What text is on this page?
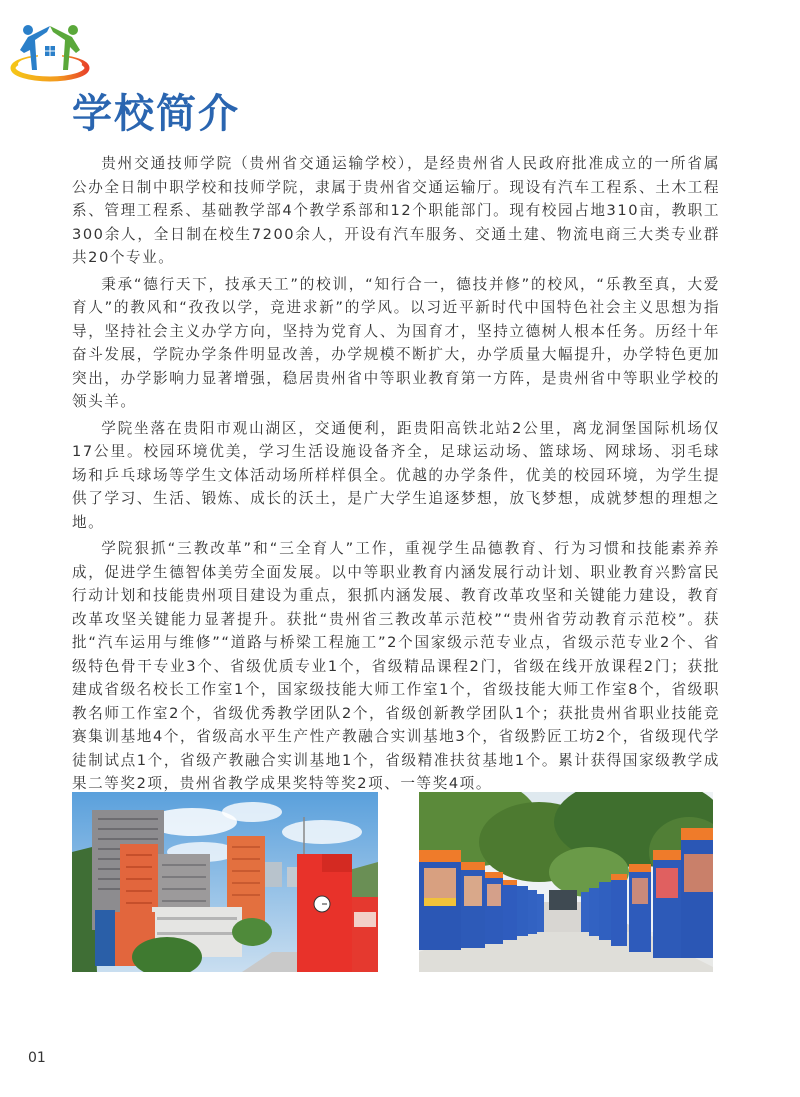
学校简介

贵州交通技师学院（贵州省交通运输学校），是经贵州省人民政府批准成立的一所省属公办全日制中职学校和技师学院，隶属于贵州省交通运输厅。现设有汽车工程系、土木工程系、管理工程系、基础教学部4个教学系部和12个职能部门。现有校园占地310亩，教职工300余人，全日制在校生7200余人，开设有汽车服务、交通土建、物流电商三大类专业群共20个专业。

秉承“德行天下，技承天工”的校训，“知行合一，德技并修”的校风，“乐教至真，大爱育人”的教风和“孜孜以学，竞进求新”的学风。以习近平新时代中国特色社会主义思想为指导，坚持社会主义办学方向，坚持为党育人、为国育才，坚持立德树人根本任务。历经十年奋斗发展，学院办学条件明显改善，办学规模不断扩大，办学质量大幅提升，办学特色更加突出，办学影响力显著增强，稳居贵州省中等职业教育第一方阵，是贵州省中等职业学校的领头羊。

学院坐落在贵阳市观山湖区，交通便利，距贵阳高铁北站2公里，离龙洞堡国际机场仅17公里。校园环境优美，学习生活设施设备齐全，足球运动场、篮球场、网球场、羽毛球场和乒乓球场等学生文体活动场所样样俱全。优越的办学条件，优美的校园环境，为学生提供了学习、生活、锻炼、成长的沃土，是广大学生追逐梦想，放飞梦想，成就梦想的理想之地。

学院狠抓“三教改革”和“三全育人”工作，重视学生品德教育、行为习惯和技能素养养成，促进学生德智体美劳全面发展。以中等职业教育内涵发展行动计划、职业教育兴黔富民行动计划和技能贵州项目建设为重点，狠抓内涵发展、教育改革攻坚和关键能力建设，教育改革攻坚关键能力显著提升。获批“贵州省三教改革示范校”“贵州省劳动教育示范校”。获批“汽车运用与维修”“道路与桥梁工程施工”2个国家级示范专业点，省级示范专业2个、省级特色骨干专业3个、省级优质专业1个，省级精品课程2门，省级在线开放课程2门；获批建成省级名校长工作室1个，国家级技能大师工作室1个，省级技能大师工作室8个，省级职教名师工作室2个，省级优秀教学团队2个，省级创新教学团队1个；获批贵州省职业技能竞赛集训基地4个，省级高水平生产性产教融合实训基地3个，省级黔匠工坊2个，省级现代学徒制试点1个，省级产教融合实训基地1个，省级精准扶贫基地1个。累计获得国家级教学成果二等奖2项，贵州省教学成果奖特等奖2项、一等奖4项。

01
